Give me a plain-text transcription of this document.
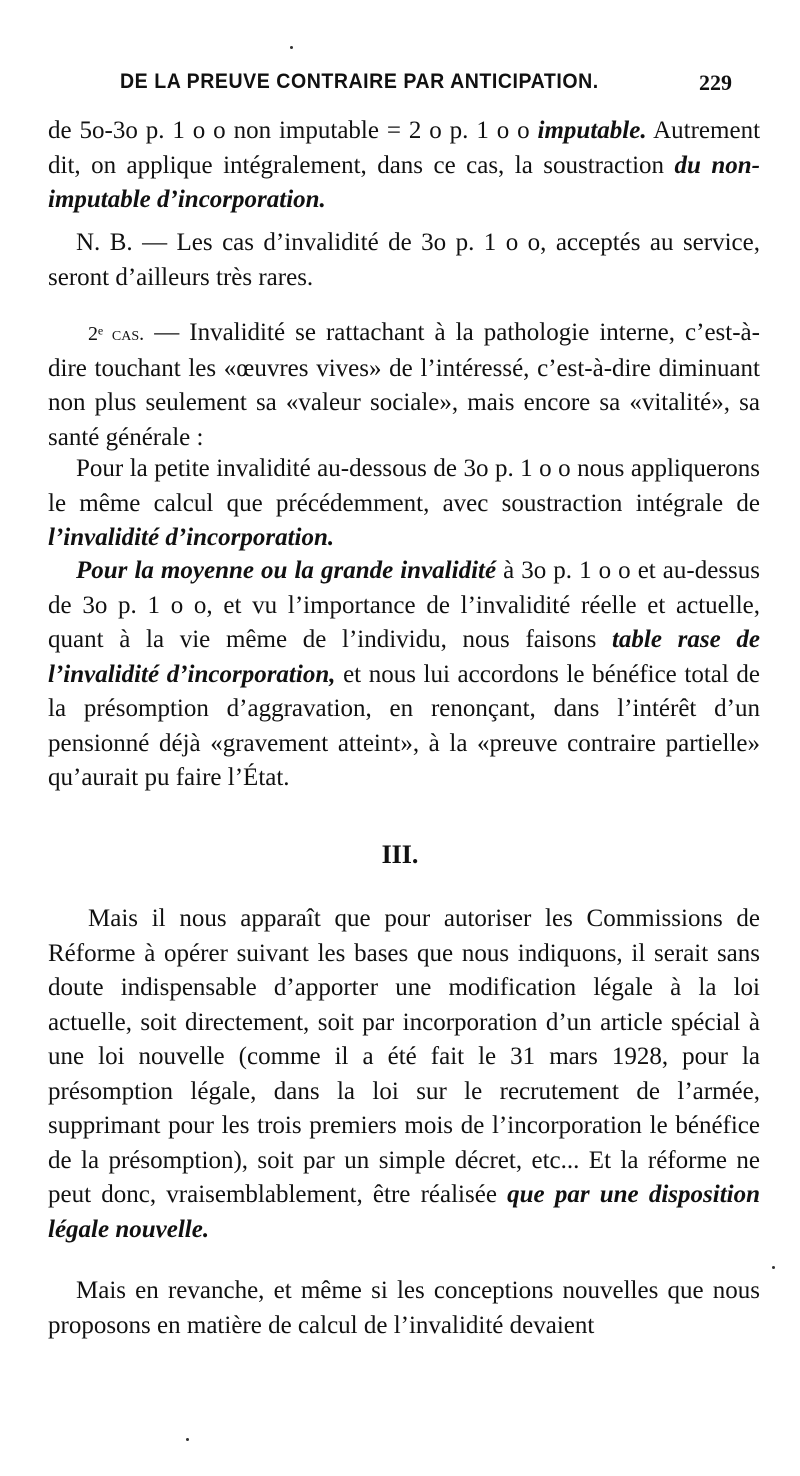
DE LA PREUVE CONTRAIRE PAR ANTICIPATION.	229

de 5o-3o p. 1 o o non imputable = 2 o p. 1 o o imputable. Autrement dit, on applique intégralement, dans ce cas, la soustraction du non-imputable d’incorporation.

N. B. — Les cas d’invalidité de 3o p. 1 o o, acceptés au service, seront d’ailleurs très rares.

2ᵉ cas. — Invalidité se rattachant à la pathologie interne, c’est-à-dire touchant les «œuvres vives» de l’intéressé, c’est-à-dire diminuant non plus seulement sa «valeur sociale», mais encore sa «vitalité», sa santé générale :

Pour la petite invalidité au-dessous de 3o p. 1 o o nous appliquerons le même calcul que précédemment, avec soustraction intégrale de l’invalidité d’incorporation.

Pour la moyenne ou la grande invalidité à 3o p. 1 o o et au-dessus de 3o p. 1 o o, et vu l’importance de l’invalidité réelle et actuelle, quant à la vie même de l’individu, nous faisons table rase de l’invalidité d’incorporation, et nous lui accordons le bénéfice total de la présomption d’aggravation, en renonçant, dans l’intérêt d’un pensionné déjà «gravement atteint», à la «preuve contraire partielle» qu’aurait pu faire l’État.

III.

Mais il nous apparaît que pour autoriser les Commissions de Réforme à opérer suivant les bases que nous indiquons, il serait sans doute indispensable d’apporter une modification légale à la loi actuelle, soit directement, soit par incorporation d’un article spécial à une loi nouvelle (comme il a été fait le 31 mars 1928, pour la présomption légale, dans la loi sur le recrutement de l’armée, supprimant pour les trois premiers mois de l’incorporation le bénéfice de la présomption), soit par un simple décret, etc... Et la réforme ne peut donc, vraisemblablement, être réalisée que par une disposition légale nouvelle.

Mais en revanche, et même si les conceptions nouvelles que nous proposons en matière de calcul de l’invalidité devaient
